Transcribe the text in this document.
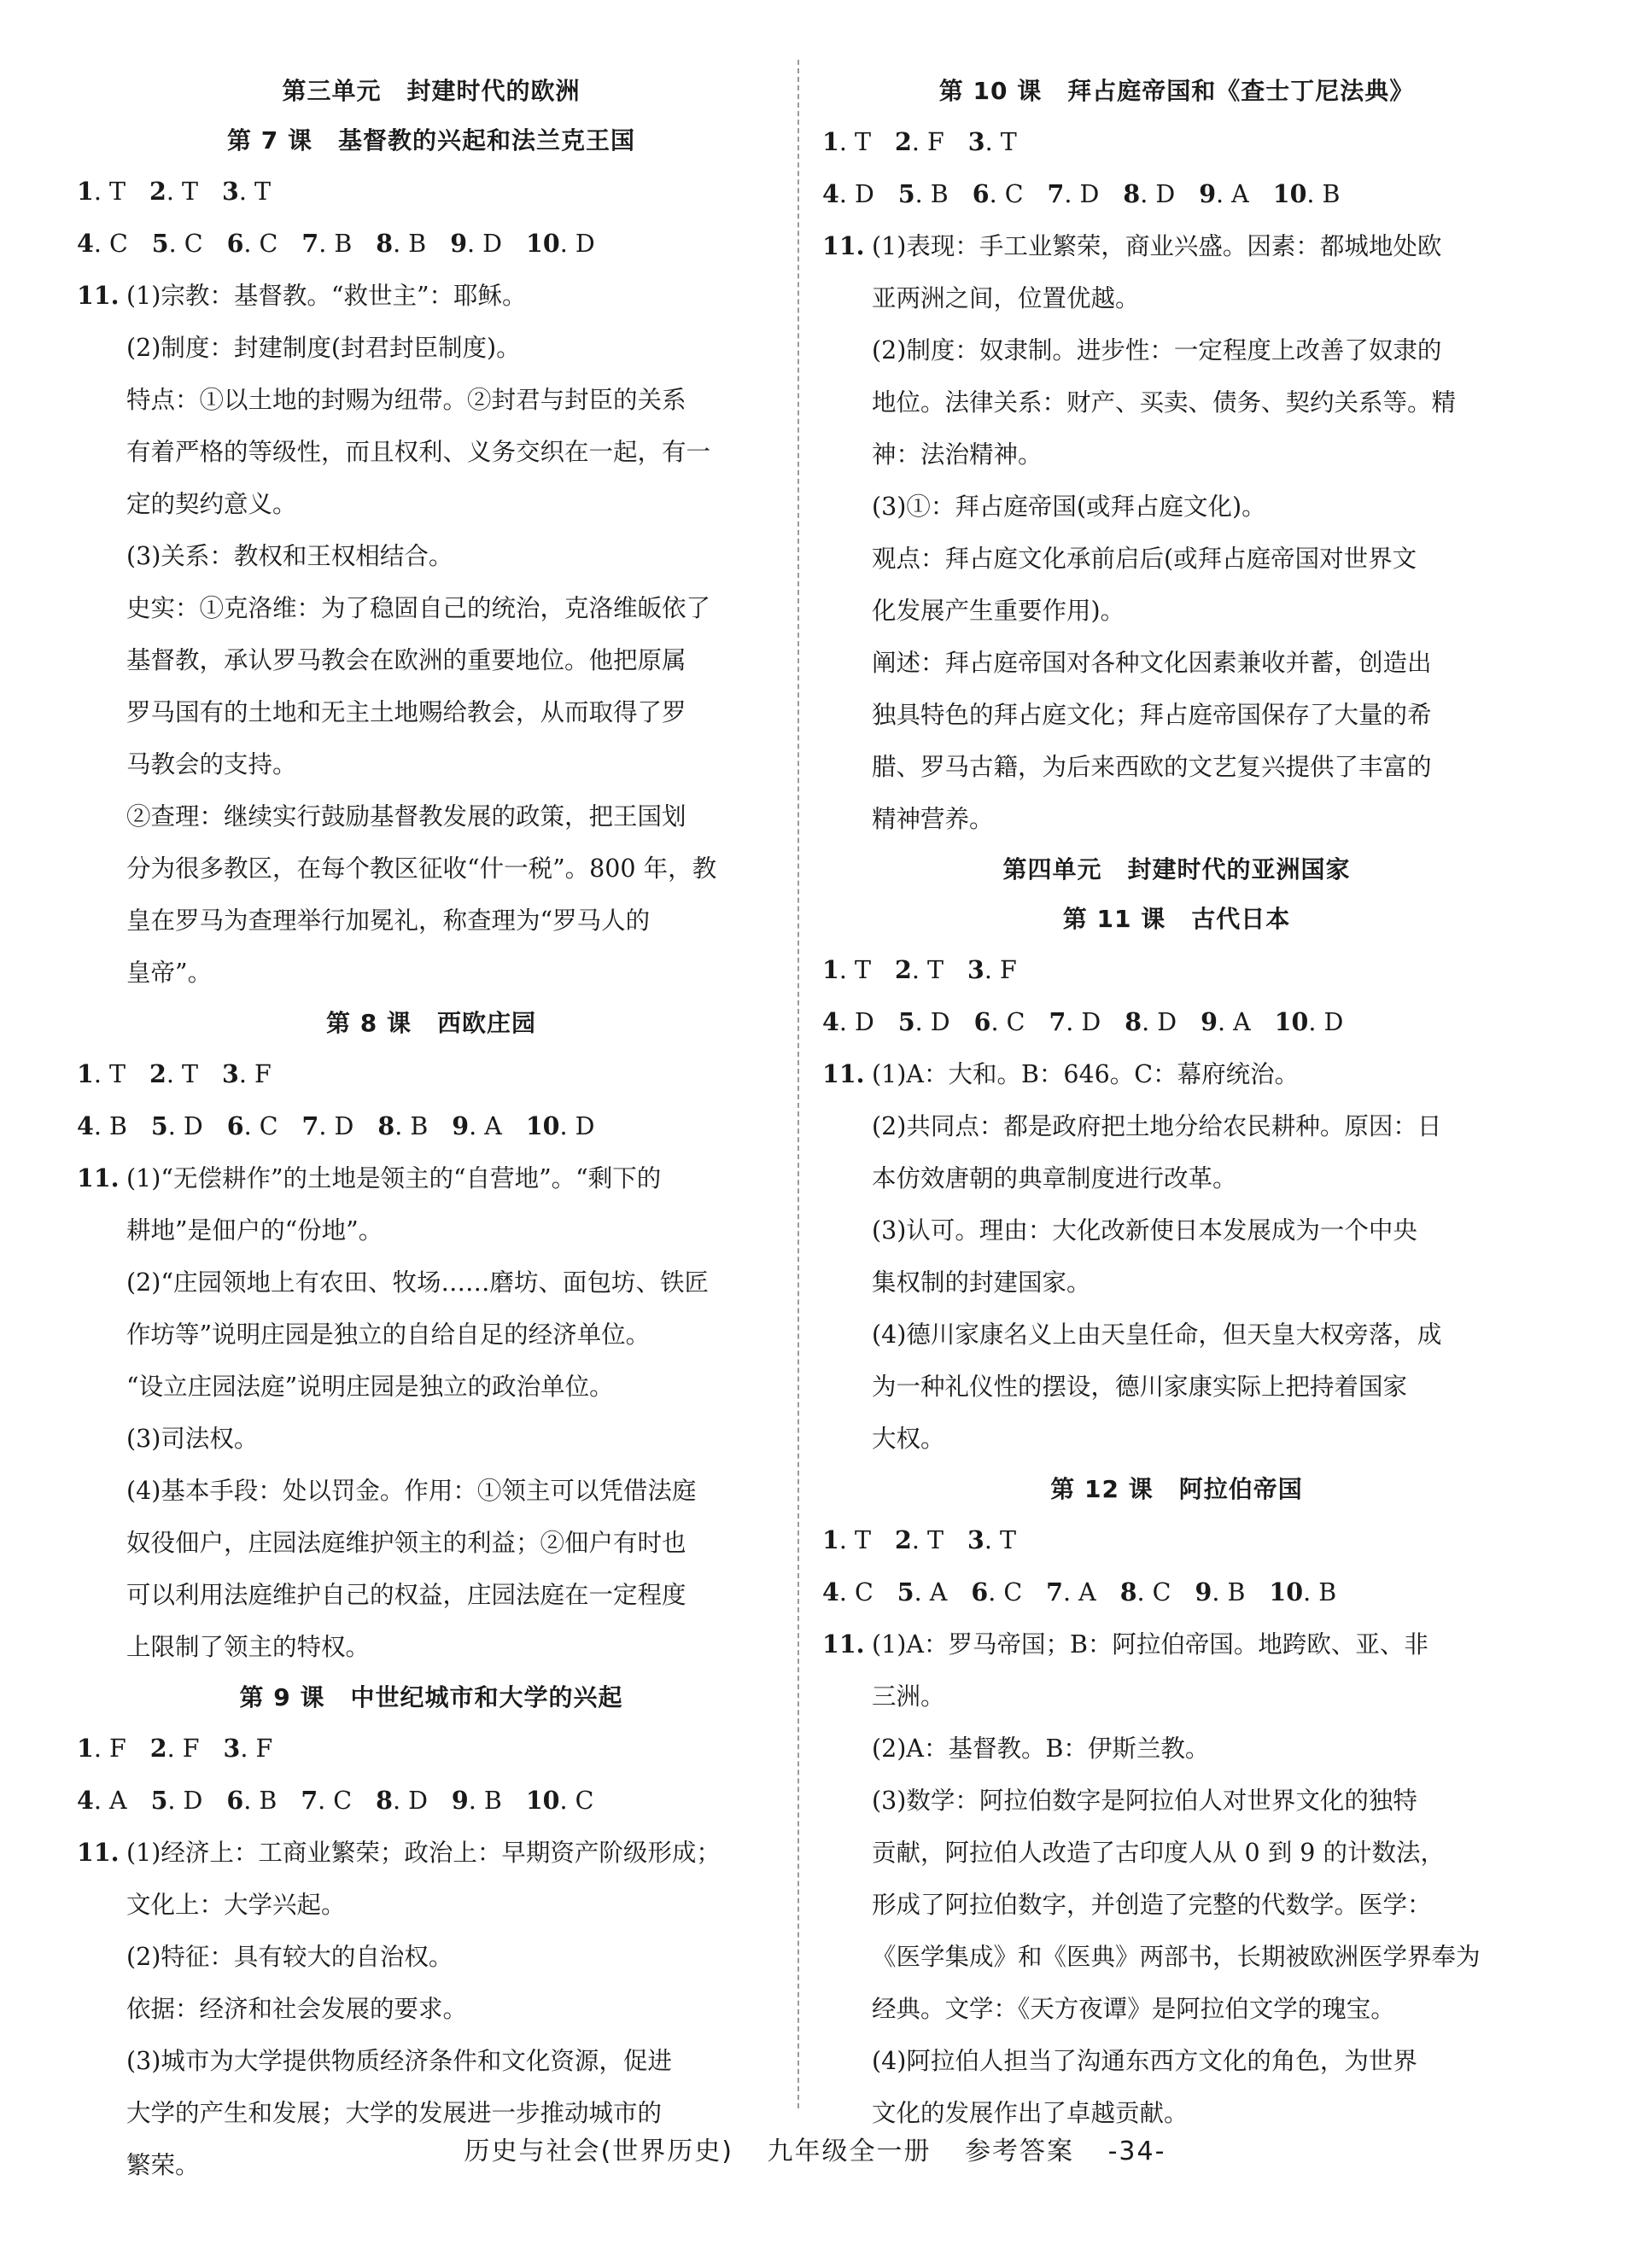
第三单元 封建时代的欧洲
第 7 课 基督教的兴起和法兰克王国
1. T 2. T 3. T
4. C 5. C 6. C 7. B 8. B 9. D 10. D
11. (1)宗教：基督教。“救世主”：耶稣。
(2)制度：封建制度(封君封臣制度)。
特点：①以土地的封赐为纽带。②封君与封臣的关系
有着严格的等级性，而且权利、义务交织在一起，有一
定的契约意义。
(3)关系：教权和王权相结合。
史实：①克洛维：为了稳固自己的统治，克洛维皈依了
基督教，承认罗马教会在欧洲的重要地位。他把原属
罗马国有的土地和无主土地赐给教会，从而取得了罗
马教会的支持。
②查理：继续实行鼓励基督教发展的政策，把王国划
分为很多教区，在每个教区征收“什一税”。800 年，教
皇在罗马为查理举行加冕礼，称查理为“罗马人的
皇帝”。
第 8 课 西欧庄园
1. T 2. T 3. F
4. B 5. D 6. C 7. D 8. B 9. A 10. D
11. (1)“无偿耕作”的土地是领主的“自营地”。“剩下的
耕地”是佃户的“份地”。
(2)“庄园领地上有农田、牧场……磨坊、面包坊、铁匠
作坊等”说明庄园是独立的自给自足的经济单位。
“设立庄园法庭”说明庄园是独立的政治单位。
(3)司法权。
(4)基本手段：处以罚金。作用：①领主可以凭借法庭
奴役佃户，庄园法庭维护领主的利益；②佃户有时也
可以利用法庭维护自己的权益，庄园法庭在一定程度
上限制了领主的特权。
第 9 课 中世纪城市和大学的兴起
1. F 2. F 3. F
4. A 5. D 6. B 7. C 8. D 9. B 10. C
11. (1)经济上：工商业繁荣；政治上：早期资产阶级形成；
文化上：大学兴起。
(2)特征：具有较大的自治权。
依据：经济和社会发展的要求。
(3)城市为大学提供物质经济条件和文化资源，促进
大学的产生和发展；大学的发展进一步推动城市的
繁荣。
第 10 课 拜占庭帝国和《查士丁尼法典》
1. T 2. F 3. T
4. D 5. B 6. C 7. D 8. D 9. A 10. B
11. (1)表现：手工业繁荣，商业兴盛。因素：都城地处欧
亚两洲之间，位置优越。
(2)制度：奴隶制。进步性：一定程度上改善了奴隶的
地位。法律关系：财产、买卖、债务、契约关系等。精
神：法治精神。
(3)①：拜占庭帝国(或拜占庭文化)。
观点：拜占庭文化承前启后(或拜占庭帝国对世界文
化发展产生重要作用)。
阐述：拜占庭帝国对各种文化因素兼收并蓄，创造出
独具特色的拜占庭文化；拜占庭帝国保存了大量的希
腊、罗马古籍，为后来西欧的文艺复兴提供了丰富的
精神营养。
第四单元 封建时代的亚洲国家
第 11 课 古代日本
1. T 2. T 3. F
4. D 5. D 6. C 7. D 8. D 9. A 10. D
11. (1)A：大和。B：646。C：幕府统治。
(2)共同点：都是政府把土地分给农民耕种。原因：日
本仿效唐朝的典章制度进行改革。
(3)认可。理由：大化改新使日本发展成为一个中央
集权制的封建国家。
(4)德川家康名义上由天皇任命，但天皇大权旁落，成
为一种礼仪性的摆设，德川家康实际上把持着国家
大权。
第 12 课 阿拉伯帝国
1. T 2. T 3. T
4. C 5. A 6. C 7. A 8. C 9. B 10. B
11. (1)A：罗马帝国；B：阿拉伯帝国。地跨欧、亚、非
三洲。
(2)A：基督教。B：伊斯兰教。
(3)数学：阿拉伯数字是阿拉伯人对世界文化的独特
贡献，阿拉伯人改造了古印度人从 0 到 9 的计数法，
形成了阿拉伯数字，并创造了完整的代数学。医学：
《医学集成》和《医典》两部书，长期被欧洲医学界奉为
经典。文学：《天方夜谭》是阿拉伯文学的瑰宝。
(4)阿拉伯人担当了沟通东西方文化的角色，为世界
文化的发展作出了卓越贡献。
历史与社会(世界历史) 九年级全一册 参考答案 -34-
